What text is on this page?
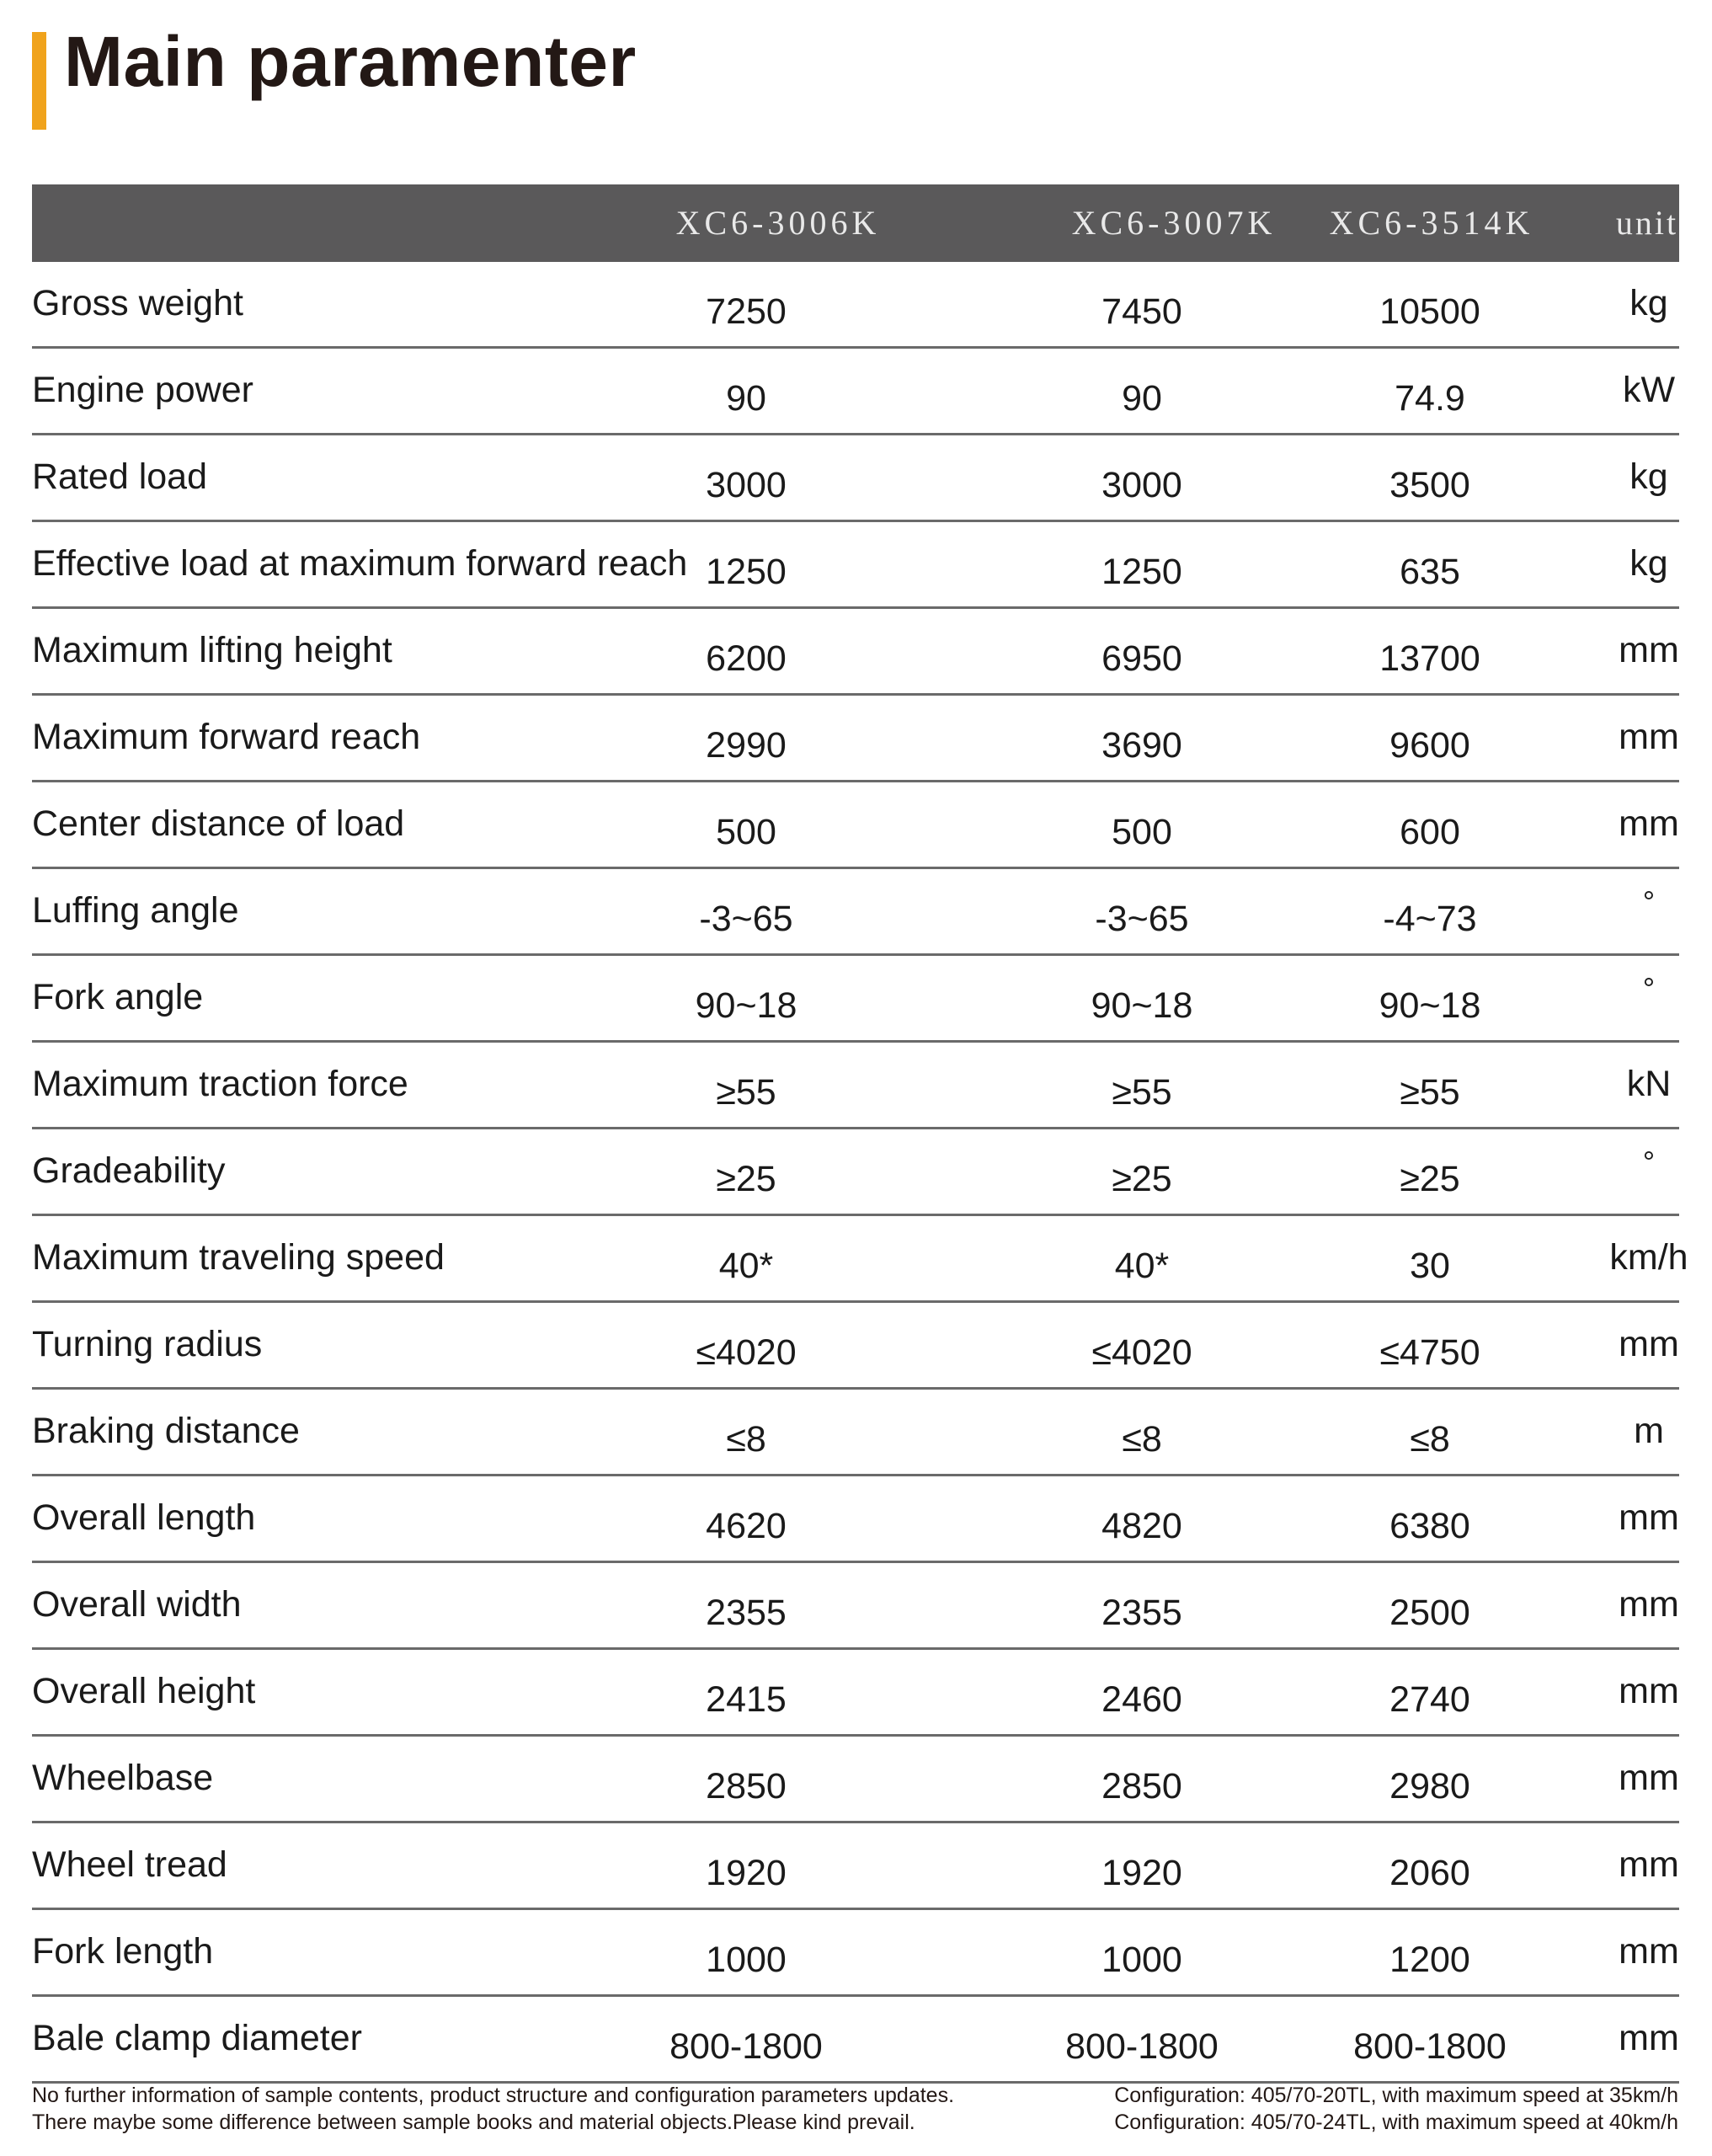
Main paramenter
XC6-3006K	XC6-3007K	XC6-3514K	unit
Gross weight	7250	7450	10500	kg
Engine power	90	90	74.9	kW
Rated load	3000	3000	3500	kg
Effective load at maximum forward reach 1250	1250	635	kg
Maximum lifting height	6200	6950	13700	mm
Maximum forward reach	2990	3690	9600	mm
Center distance of load	500	500	600	mm
Luffing angle	-3~65	-3~65	-4~73	°
Fork angle	90~18	90~18	90~18	°
Maximum traction force	≥55	≥55	≥55	kN
Gradeability	≥25	≥25	≥25	°
Maximum traveling speed	40*	40*	30	km/h
Turning radius	≤4020	≤4020	≤4750	mm
Braking distance	≤8	≤8	≤8	m
Overall length	4620	4820	6380	mm
Overall width	2355	2355	2500	mm
Overall height	2415	2460	2740	mm
Wheelbase	2850	2850	2980	mm
Wheel tread	1920	1920	2060	mm
Fork length	1000	1000	1200	mm
Bale clamp diameter	800-1800	800-1800	800-1800	mm
No further information of sample contents, product structure and configuration parameters updates.
There maybe some difference between sample books and material objects.Please kind prevail.
Configuration: 405/70-20TL, with maximum speed at 35km/h
Configuration: 405/70-24TL, with maximum speed at 40km/h
